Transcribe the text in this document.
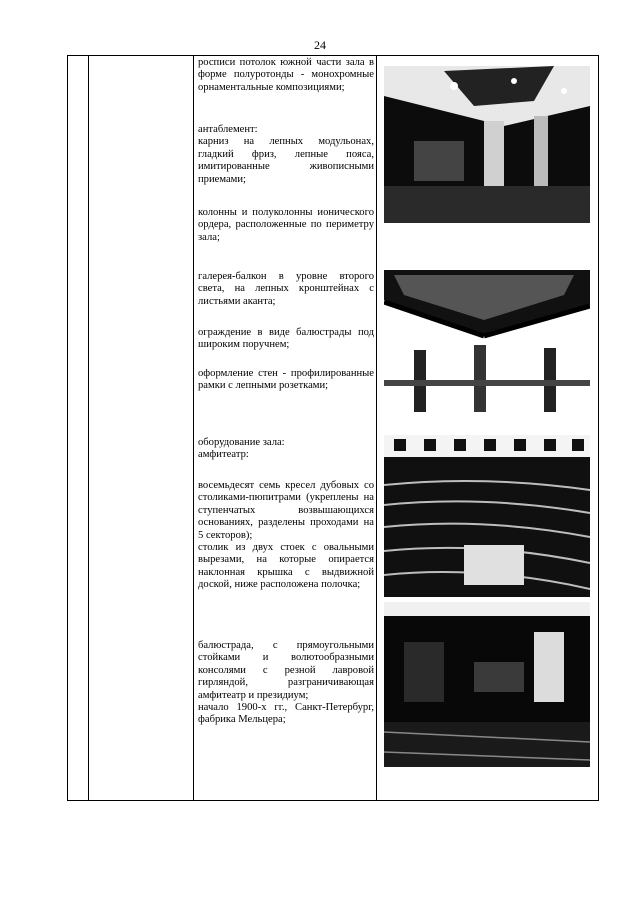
24
росписи потолок южной части зала в форме полуротонды - монохромные орнаментальные композициями;
антаблемент:
карниз на лепных модульонах, гладкий фриз, лепные пояса, имитированные живописными приемами;
колонны и полуколонны ионического ордера, расположенные по периметру зала;
галерея-балкон в уровне второго света, на лепных кронштейнах с листьями аканта;
ограждение в виде балюстрады под широким поручнем;
оформление стен - профилированные рамки с лепными розетками;
оборудование зала:
амфитеатр:
восемьдесят семь кресел дубовых со столиками-пюпитрами (укреплены на ступенчатых возвышающихся основаниях, разделены проходами на 5 секторов);
столик из двух стоек с овальными вырезами, на которые опирается наклонная крышка с выдвижной доской, ниже расположена полочка;
балюстрада, с прямоугольными стойками и волютообразными консолями с резной лавровой гирляндой, разграничивающая амфитеатр и президиум;
начало 1900-х гг., Санкт-Петербург, фабрика Мельцера;
